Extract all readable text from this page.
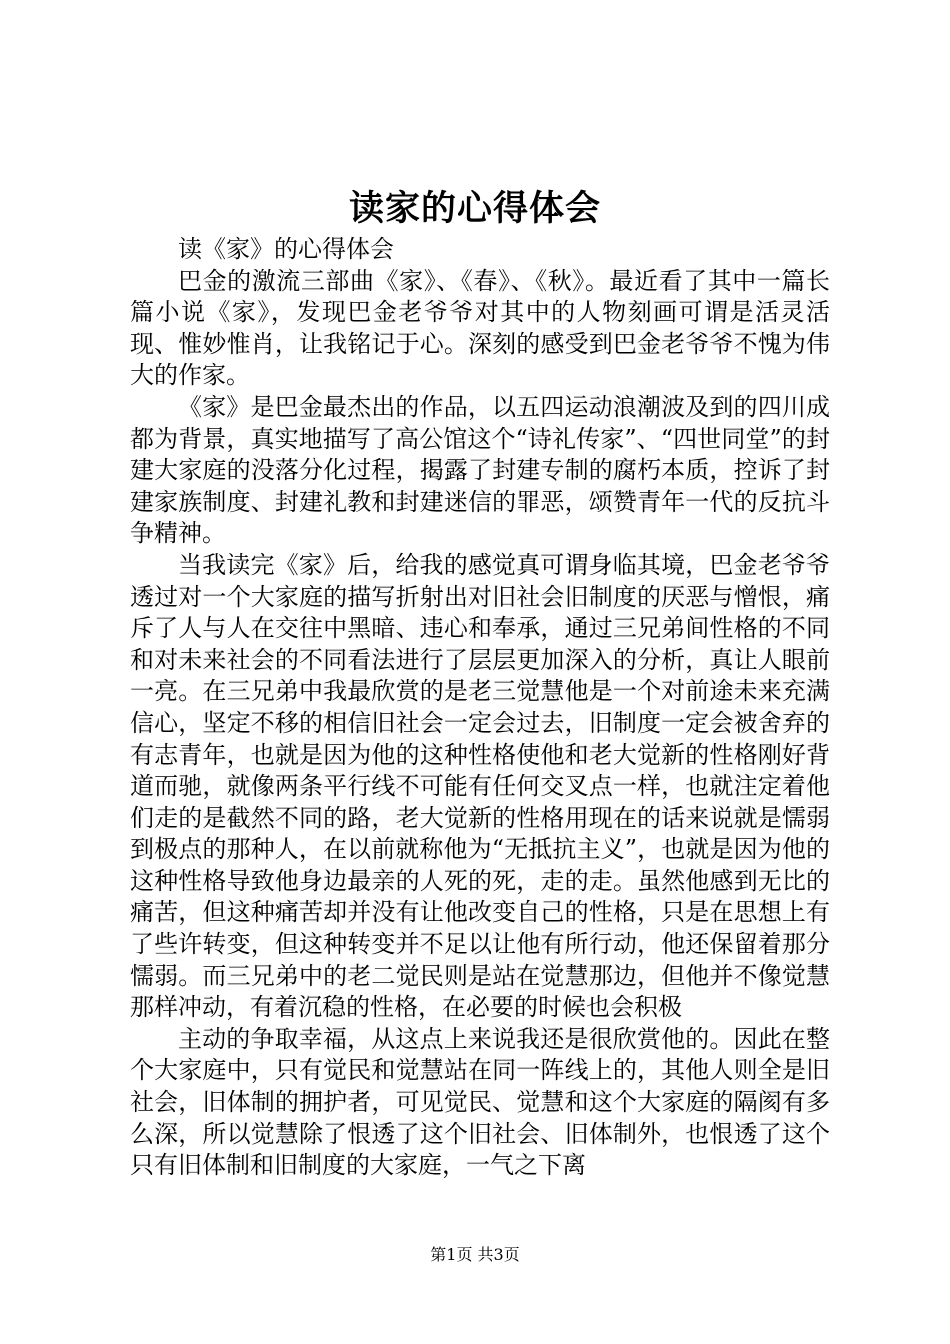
读家的心得体会

读《家》的心得体会

巴金的激流三部曲《家》、《春》、《秋》。最近看了其中一篇长篇小说《家》，发现巴金老爷爷对其中的人物刻画可谓是活灵活现、惟妙惟肖，让我铭记于心。深刻的感受到巴金老爷爷不愧为伟大的作家。

《家》是巴金最杰出的作品，以五四运动浪潮波及到的四川成都为背景，真实地描写了高公馆这个“诗礼传家”、“四世同堂”的封建大家庭的没落分化过程，揭露了封建专制的腐朽本质，控诉了封建家族制度、封建礼教和封建迷信的罪恶，颂赞青年一代的反抗斗争精神。

当我读完《家》后，给我的感觉真可谓身临其境，巴金老爷爷透过对一个大家庭的描写折射出对旧社会旧制度的厌恶与憎恨，痛斥了人与人在交往中黑暗、违心和奉承，通过三兄弟间性格的不同和对未来社会的不同看法进行了层层更加深入的分析，真让人眼前一亮。在三兄弟中我最欣赏的是老三觉慧他是一个对前途未来充满信心，坚定不移的相信旧社会一定会过去，旧制度一定会被舍弃的有志青年，也就是因为他的这种性格使他和老大觉新的性格刚好背道而驰，就像两条平行线不可能有任何交叉点一样，也就注定着他们走的是截然不同的路，老大觉新的性格用现在的话来说就是懦弱到极点的那种人，在以前就称他为“无抵抗主义”，也就是因为他的这种性格导致他身边最亲的人死的死，走的走。虽然他感到无比的痛苦，但这种痛苦却并没有让他改变自己的性格，只是在思想上有了些许转变，但这种转变并不足以让他有所行动，他还保留着那分懦弱。而三兄弟中的老二觉民则是站在觉慧那边，但他并不像觉慧那样冲动，有着沉稳的性格，在必要的时候也会积极

主动的争取幸福，从这点上来说我还是很欣赏他的。因此在整个大家庭中，只有觉民和觉慧站在同一阵线上的，其他人则全是旧社会，旧体制的拥护者，可见觉民、觉慧和这个大家庭的隔阂有多么深，所以觉慧除了恨透了这个旧社会、旧体制外，也恨透了这个只有旧体制和旧制度的大家庭，一气之下离

第1页 共3页
